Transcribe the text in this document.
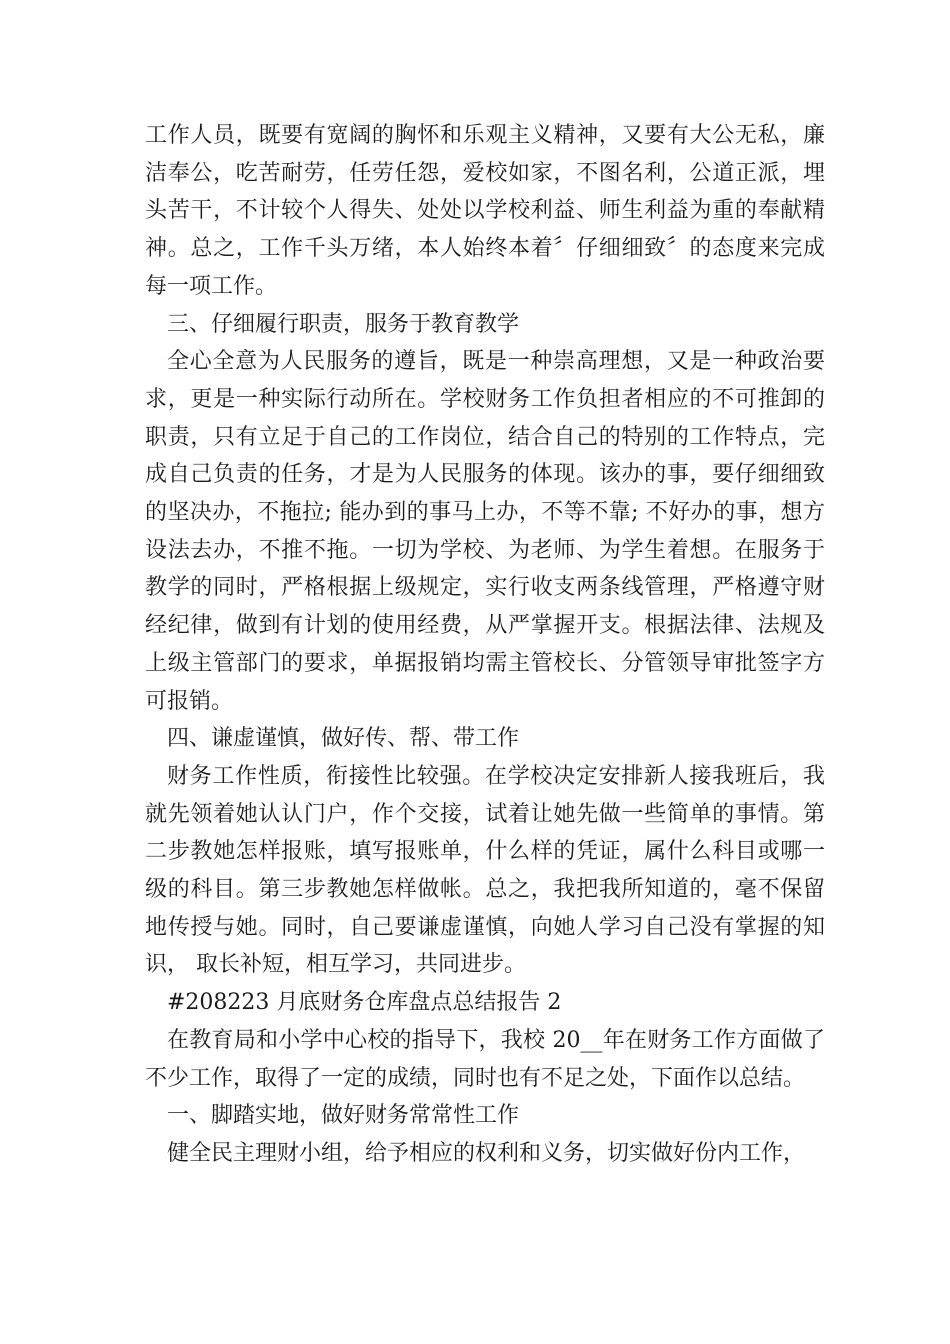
工作人员，既要有宽阔的胸怀和乐观主义精神，又要有大公无私，廉洁奉公，吃苦耐劳，任劳任怨，爱校如家，不图名利，公道正派，埋头苦干，不计较个人得失、处处以学校利益、师生利益为重的奉献精神。总之，工作千头万绪，本人始终本着〞仔细细致〞的态度来完成每一项工作。

三、仔细履行职责，服务于教育教学

全心全意为人民服务的遵旨，既是一种崇高理想，又是一种政治要求，更是一种实际行动所在。学校财务工作负担者相应的不可推卸的职责，只有立足于自己的工作岗位，结合自己的特别的工作特点，完成自己负责的任务，才是为人民服务的体现。该办的事，要仔细细致的坚决办，不拖拉; 能办到的事马上办，不等不靠; 不好办的事，想方设法去办，不推不拖。一切为学校、为老师、为学生着想。在服务于教学的同时，严格根据上级规定，实行收支两条线管理，严格遵守财经纪律，做到有计划的使用经费，从严掌握开支。根据法律、法规及上级主管部门的要求，单据报销均需主管校长、分管领导审批签字方可报销。

四、谦虚谨慎，做好传、帮、带工作

财务工作性质，衔接性比较强。在学校决定安排新人接我班后，我就先领着她认认门户，作个交接，试着让她先做一些简单的事情。第二步教她怎样报账，填写报账单，什么样的凭证，属什么科目或哪一级的科目。第三步教她怎样做帐。总之，我把我所知道的，毫不保留地传授与她。同时，自己要谦虚谨慎，向她人学习自己没有掌握的知识， 取长补短，相互学习，共同进步。

#208223 月底财务仓库盘点总结报告 2

在教育局和小学中心校的指导下，我校 20__年在财务工作方面做了不少工作，取得了一定的成绩，同时也有不足之处，下面作以总结。

一、脚踏实地，做好财务常常性工作

健全民主理财小组，给予相应的权利和义务，切实做好份内工作，
